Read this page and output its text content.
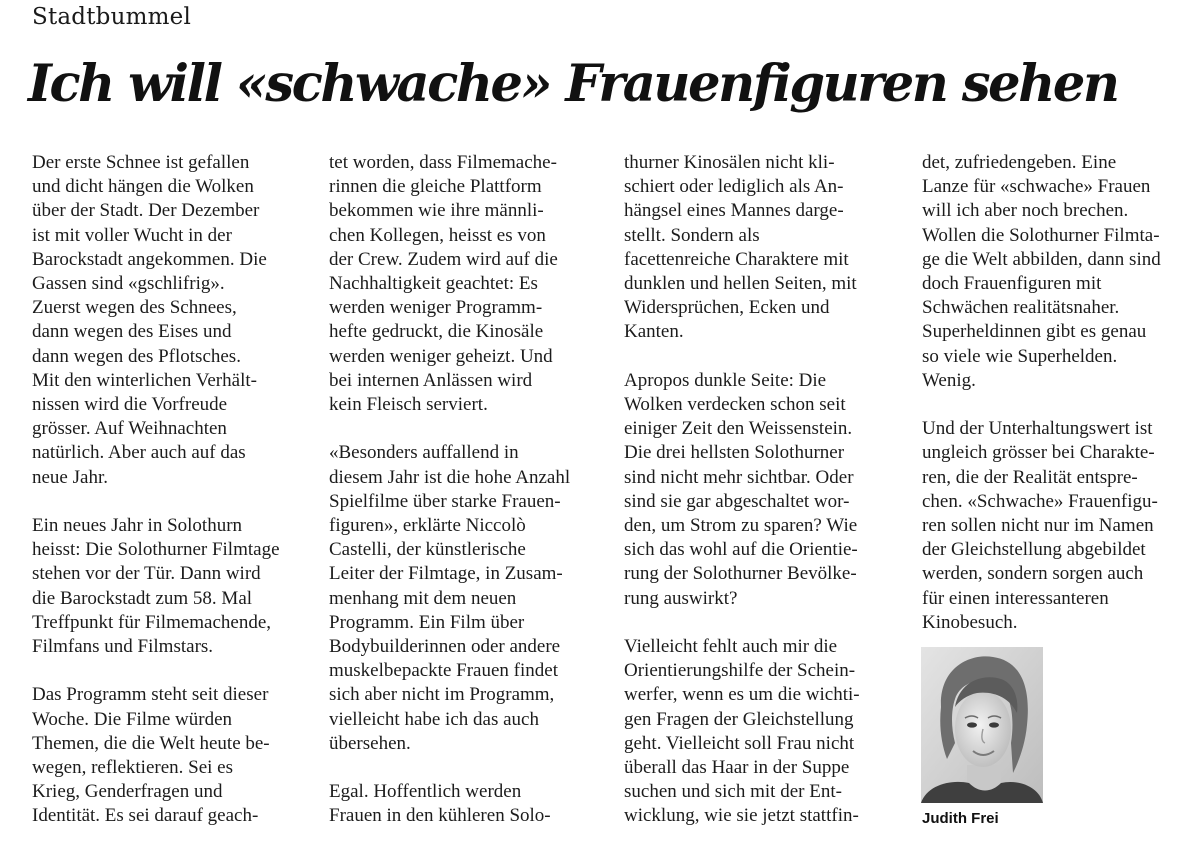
Stadtbummel
Ich will «schwache» Frauenfiguren sehen

Der erste Schnee ist gefallen
und dicht hängen die Wolken
über der Stadt. Der Dezember
ist mit voller Wucht in der
Barockstadt angekommen. Die
Gassen sind «gschlifrig».
Zuerst wegen des Schnees,
dann wegen des Eises und
dann wegen des Pflotsches.
Mit den winterlichen Verhält-
nissen wird die Vorfreude
grösser. Auf Weihnachten
natürlich. Aber auch auf das
neue Jahr.

Ein neues Jahr in Solothurn
heisst: Die Solothurner Filmtage
stehen vor der Tür. Dann wird
die Barockstadt zum 58. Mal
Treffpunkt für Filmemachende,
Filmfans und Filmstars.

Das Programm steht seit dieser
Woche. Die Filme würden
Themen, die die Welt heute be-
wegen, reflektieren. Sei es
Krieg, Genderfragen und
Identität. Es sei darauf geach-

tet worden, dass Filmemache-
rinnen die gleiche Plattform
bekommen wie ihre männli-
chen Kollegen, heisst es von
der Crew. Zudem wird auf die
Nachhaltigkeit geachtet: Es
werden weniger Programm-
hefte gedruckt, die Kinosäle
werden weniger geheizt. Und
bei internen Anlässen wird
kein Fleisch serviert.

«Besonders auffallend in
diesem Jahr ist die hohe Anzahl
Spielfilme über starke Frauen-
figuren», erklärte Niccolò
Castelli, der künstlerische
Leiter der Filmtage, in Zusam-
menhang mit dem neuen
Programm. Ein Film über
Bodybuilderinnen oder andere
muskelbepackte Frauen findet
sich aber nicht im Programm,
vielleicht habe ich das auch
übersehen.

Egal. Hoffentlich werden
Frauen in den kühleren Solo-

thurner Kinosälen nicht kli-
schiert oder lediglich als An-
hängsel eines Mannes darge-
stellt. Sondern als
facettenreiche Charaktere mit
dunklen und hellen Seiten, mit
Widersprüchen, Ecken und
Kanten.

Apropos dunkle Seite: Die
Wolken verdecken schon seit
einiger Zeit den Weissenstein.
Die drei hellsten Solothurner
sind nicht mehr sichtbar. Oder
sind sie gar abgeschaltet wor-
den, um Strom zu sparen? Wie
sich das wohl auf die Orientie-
rung der Solothurner Bevölke-
rung auswirkt?

Vielleicht fehlt auch mir die
Orientierungshilfe der Schein-
werfer, wenn es um die wichti-
gen Fragen der Gleichstellung
geht. Vielleicht soll Frau nicht
überall das Haar in der Suppe
suchen und sich mit der Ent-
wicklung, wie sie jetzt stattfin-

det, zufriedengeben. Eine
Lanze für «schwache» Frauen
will ich aber noch brechen.
Wollen die Solothurner Filmta-
ge die Welt abbilden, dann sind
doch Frauenfiguren mit
Schwächen realitätsnaher.
Superheldinnen gibt es genau
so viele wie Superhelden.
Wenig.

Und der Unterhaltungswert ist
ungleich grösser bei Charakte-
ren, die der Realität entspre-
chen. «Schwache» Frauenfigu-
ren sollen nicht nur im Namen
der Gleichstellung abgebildet
werden, sondern sorgen auch
für einen interessanteren
Kinobesuch.

Judith Frei
